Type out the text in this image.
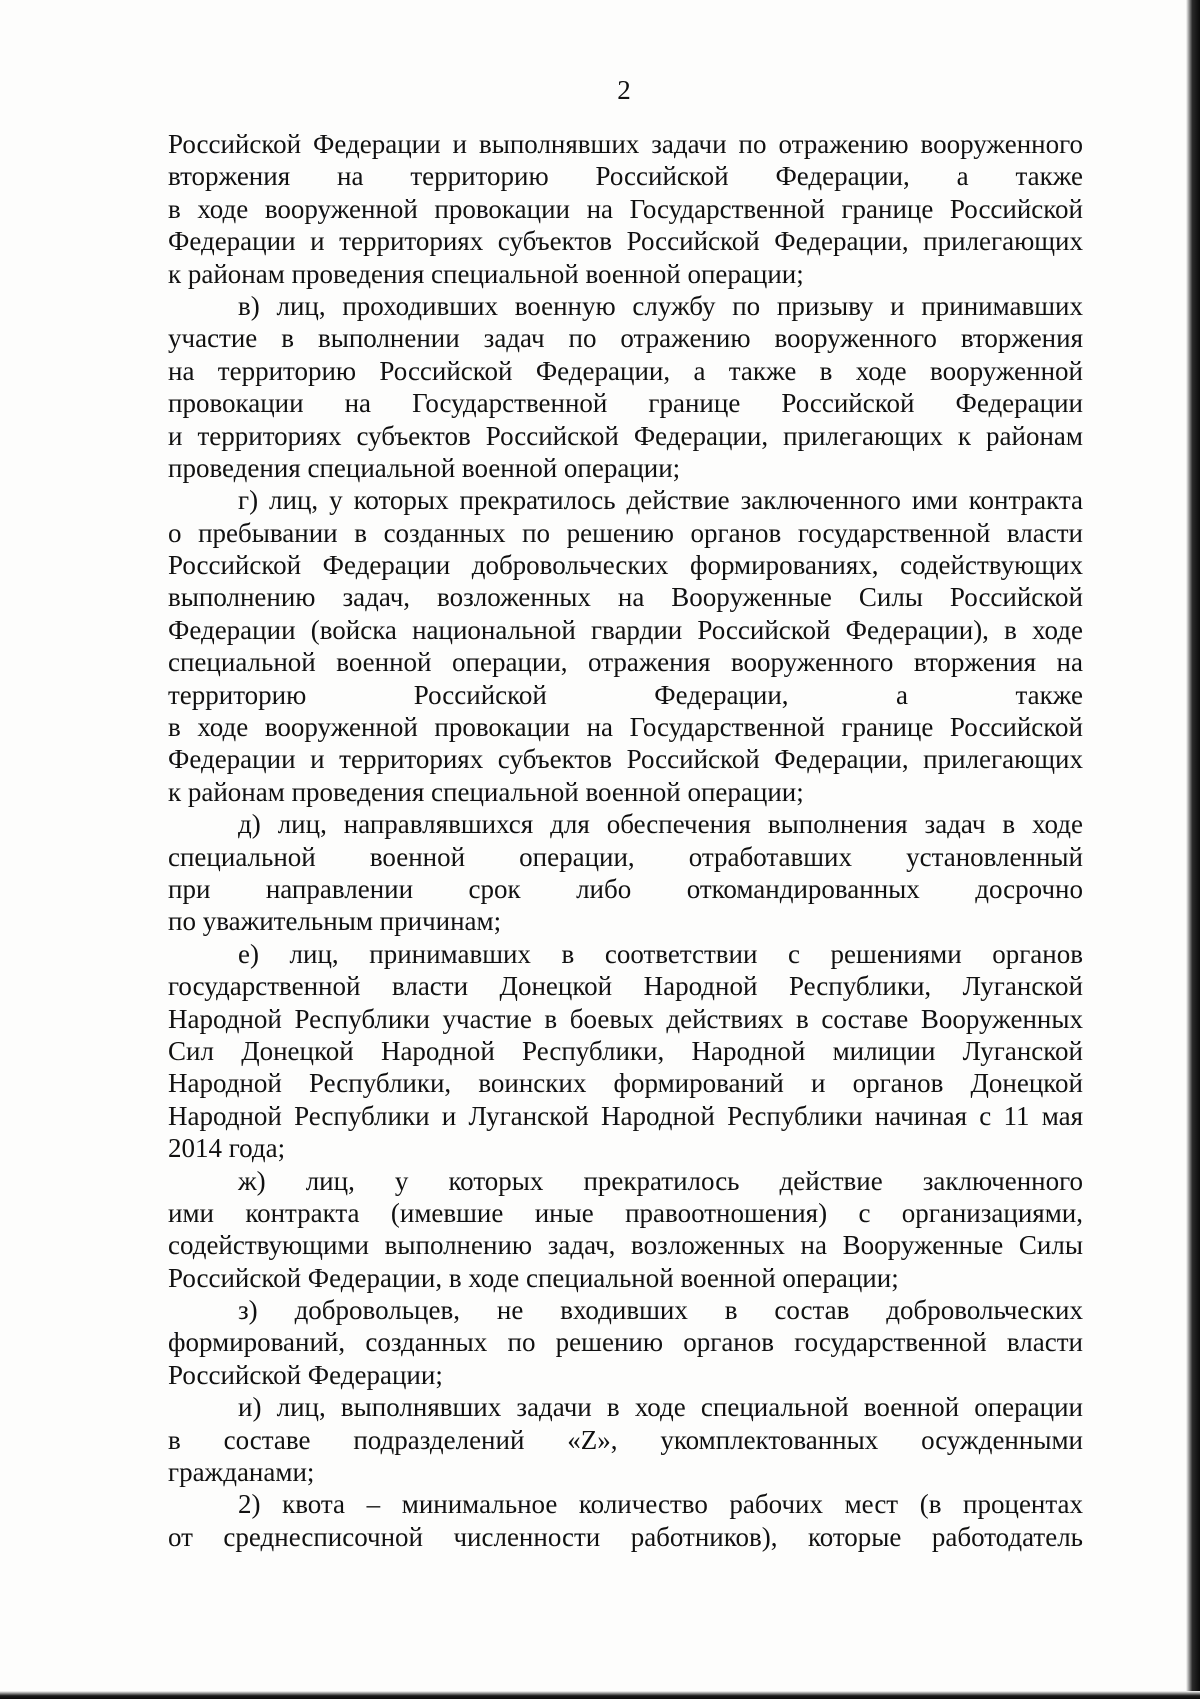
2
Российской Федерации и выполнявших задачи по отражению вооруженного
вторжения на территорию Российской Федерации, а также
в ходе вооруженной провокации на Государственной границе Российской
Федерации и территориях субъектов Российской Федерации, прилегающих
к районам проведения специальной военной операции;
в) лиц, проходивших военную службу по призыву и принимавших
участие в выполнении задач по отражению вооруженного вторжения
на территорию Российской Федерации, а также в ходе вооруженной
провокации на Государственной границе Российской Федерации
и территориях субъектов Российской Федерации, прилегающих к районам
проведения специальной военной операции;
г) лиц, у которых прекратилось действие заключенного ими контракта
о пребывании в созданных по решению органов государственной власти
Российской Федерации добровольческих формированиях, содействующих
выполнению задач, возложенных на Вооруженные Силы Российской
Федерации (войска национальной гвардии Российской Федерации), в ходе
специальной военной операции, отражения вооруженного вторжения на
территорию Российской Федерации, а также
в ходе вооруженной провокации на Государственной границе Российской
Федерации и территориях субъектов Российской Федерации, прилегающих
к районам проведения специальной военной операции;
д) лиц, направлявшихся для обеспечения выполнения задач в ходе
специальной военной операции, отработавших установленный
при направлении срок либо откомандированных досрочно
по уважительным причинам;
е) лиц, принимавших в соответствии с решениями органов
государственной власти Донецкой Народной Республики, Луганской
Народной Республики участие в боевых действиях в составе Вооруженных
Сил Донецкой Народной Республики, Народной милиции Луганской
Народной Республики, воинских формирований и органов Донецкой
Народной Республики и Луганской Народной Республики начиная с 11 мая
2014 года;
ж) лиц, у которых прекратилось действие заключенного
ими контракта (имевшие иные правоотношения) с организациями,
содействующими выполнению задач, возложенных на Вооруженные Силы
Российской Федерации, в ходе специальной военной операции;
з) добровольцев, не входивших в состав добровольческих
формирований, созданных по решению органов государственной власти
Российской Федерации;
и) лиц, выполнявших задачи в ходе специальной военной операции
в составе подразделений «Z», укомплектованных осужденными
гражданами;
2) квота – минимальное количество рабочих мест (в процентах
от среднесписочной численности работников), которые работодатель
